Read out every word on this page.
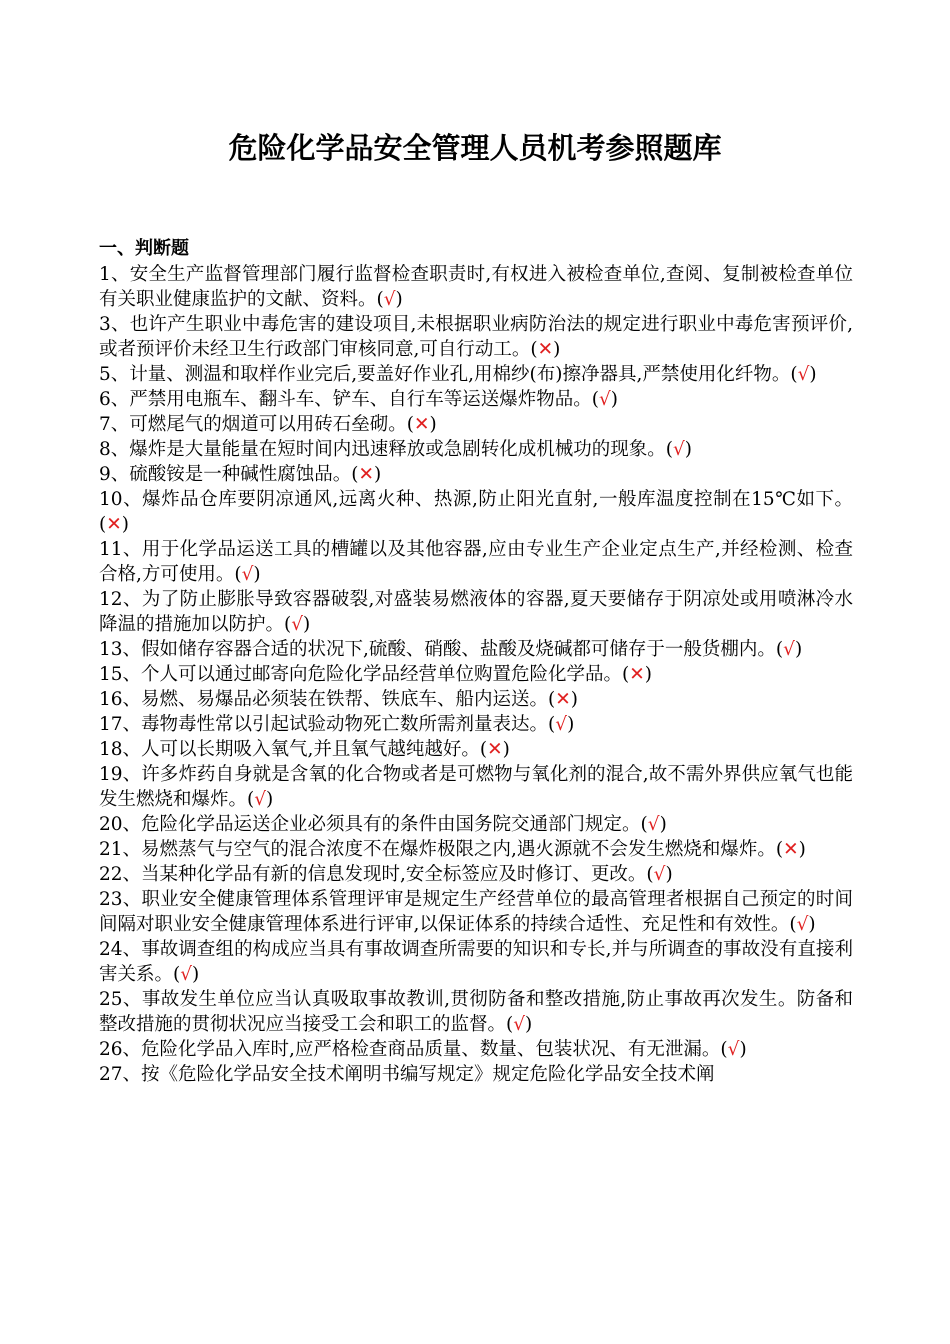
危险化学品安全管理人员机考参照题库
一、判断题

1、安全生产监督管理部门履行监督检查职责时,有权进入被检查单位,查阅、复制被检查单位有关职业健康监护的文献、资料。(√)

3、也许产生职业中毒危害的建设项目,未根据职业病防治法的规定进行职业中毒危害预评价,或者预评价未经卫生行政部门审核同意,可自行动工。(✕)

5、计量、测温和取样作业完后,要盖好作业孔,用棉纱(布)擦净器具,严禁使用化纤物。(√)

6、严禁用电瓶车、翻斗车、铲车、自行车等运送爆炸物品。(√)

7、可燃尾气的烟道可以用砖石垒砌。(✕)

8、爆炸是大量能量在短时间内迅速释放或急剧转化成机械功的现象。(√)

9、硫酸铵是一种碱性腐蚀品。(✕)

10、爆炸品仓库要阴凉通风,远离火种、热源,防止阳光直射,一般库温度控制在15℃如下。(✕)

11、用于化学品运送工具的槽罐以及其他容器,应由专业生产企业定点生产,并经检测、检查合格,方可使用。(√)

12、为了防止膨胀导致容器破裂,对盛装易燃液体的容器,夏天要储存于阴凉处或用喷淋冷水降温的措施加以防护。(√)

13、假如储存容器合适的状况下,硫酸、硝酸、盐酸及烧碱都可储存于一般货棚内。(√)

15、个人可以通过邮寄向危险化学品经营单位购置危险化学品。(✕)

16、易燃、易爆品必须装在铁帮、铁底车、船内运送。(✕)

17、毒物毒性常以引起试验动物死亡数所需剂量表达。(√)

18、人可以长期吸入氧气,并且氧气越纯越好。(✕)

19、许多炸药自身就是含氧的化合物或者是可燃物与氧化剂的混合,故不需外界供应氧气也能发生燃烧和爆炸。(√)

20、危险化学品运送企业必须具有的条件由国务院交通部门规定。(√)

21、易燃蒸气与空气的混合浓度不在爆炸极限之内,遇火源就不会发生燃烧和爆炸。(✕)

22、当某种化学品有新的信息发现时,安全标签应及时修订、更改。(√)

23、职业安全健康管理体系管理评审是规定生产经营单位的最高管理者根据自己预定的时间间隔对职业安全健康管理体系进行评审,以保证体系的持续合适性、充足性和有效性。(√)

24、事故调查组的构成应当具有事故调查所需要的知识和专长,并与所调查的事故没有直接利害关系。(√)

25、事故发生单位应当认真吸取事故教训,贯彻防备和整改措施,防止事故再次发生。防备和整改措施的贯彻状况应当接受工会和职工的监督。(√)

26、危险化学品入库时,应严格检查商品质量、数量、包装状况、有无泄漏。(√)

27、按《危险化学品安全技术阐明书编写规定》规定危险化学品安全技术阐
